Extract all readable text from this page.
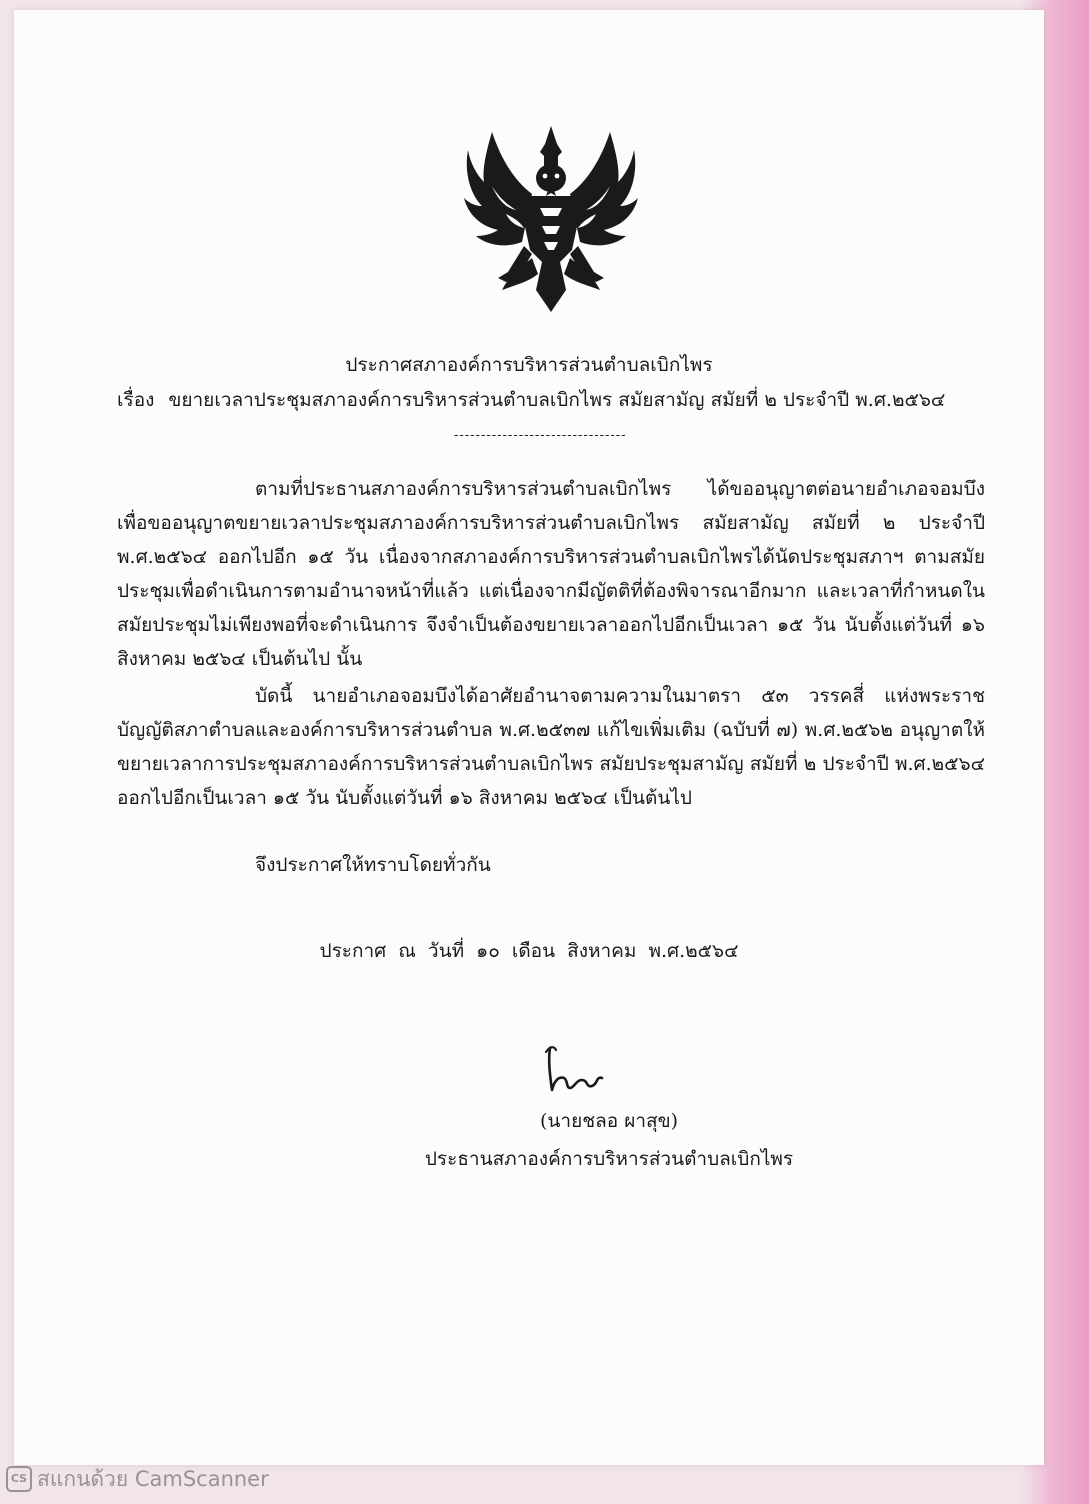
ประกาศสภาองค์การบริหารส่วนตำบลเบิกไพร
เรื่อง ขยายเวลาประชุมสภาองค์การบริหารส่วนตำบลเบิกไพร สมัยสามัญ สมัยที่ ๒ ประจำปี พ.ศ.๒๕๖๔
--------------------------------
ตามที่ประธานสภาองค์การบริหารส่วนตำบลเบิกไพร ได้ขออนุญาตต่อนายอำเภอจอมบึง เพื่อขออนุญาตขยายเวลาประชุมสภาองค์การบริหารส่วนตำบลเบิกไพร สมัยสามัญ สมัยที่ ๒ ประจำปี พ.ศ.๒๕๖๔ ออกไปอีก ๑๕ วัน เนื่องจากสภาองค์การบริหารส่วนตำบลเบิกไพรได้นัดประชุมสภาฯ ตามสมัยประชุมเพื่อดำเนินการตามอำนาจหน้าที่แล้ว แต่เนื่องจากมีญัตติที่ต้องพิจารณาอีกมาก และเวลาที่กำหนดในสมัยประชุมไม่เพียงพอที่จะดำเนินการ จึงจำเป็นต้องขยายเวลาออกไปอีกเป็นเวลา ๑๕ วัน นับตั้งแต่วันที่ ๑๖ สิงหาคม ๒๕๖๔ เป็นต้นไป นั้น
บัดนี้ นายอำเภอจอมบึงได้อาศัยอำนาจตามความในมาตรา ๕๓ วรรคสี่ แห่งพระราชบัญญัติสภาตำบลและองค์การบริหารส่วนตำบล พ.ศ.๒๕๓๗ แก้ไขเพิ่มเติม (ฉบับที่ ๗) พ.ศ.๒๕๖๒ อนุญาตให้ขยายเวลาการประชุมสภาองค์การบริหารส่วนตำบลเบิกไพร สมัยประชุมสามัญ สมัยที่ ๒ ประจำปี พ.ศ.๒๕๖๔ ออกไปอีกเป็นเวลา ๑๕ วัน นับตั้งแต่วันที่ ๑๖ สิงหาคม ๒๕๖๔ เป็นต้นไป
จึงประกาศให้ทราบโดยทั่วกัน
ประกาศ ณ วันที่ ๑๐ เดือน สิงหาคม พ.ศ.๒๕๖๔
(นายชลอ ผาสุข)
ประธานสภาองค์การบริหารส่วนตำบลเบิกไพร
CS สแกนด้วย CamScanner
